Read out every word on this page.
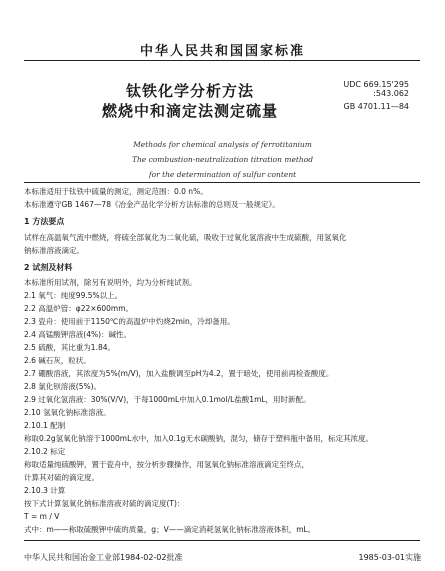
中华人民共和国国家标准
钛铁化学分析方法
燃烧中和滴定法测定硫量
UDC 669.15'295
:543.062
GB 4701.11—84
Methods for chemical analysis of ferrotitanium
The combustion-neutralization titration method
for the determination of sulfur content
本标准适用于钛铁中硫量的测定，测定范围：0.0 n%。
本标准遵守GB 1467—78《冶金产品化学分析方法标准的总则及一般规定》。
1 方法要点
试样在高温氧气流中燃烧，将硫全部氧化为二氧化硫，吸收于过氧化氢溶液中生成硫酸，用氢氧化
钠标准溶液滴定。
2 试剂及材料
本标准所用试剂，除另有说明外，均为分析纯试剂。
2.1 氧气：纯度99.5%以上。
2.2 高温炉管：φ22×600mm。
2.3 瓷舟：使用前于1150℃的高温炉中灼烧2min，冷却备用。
2.4 高锰酸钾溶液(4%)：碱性。
2.5 硫酸，其比重为1.84。
2.6 碱石灰，粒状。
2.7 硼酸溶液，其浓度为5%(m/V)，加入盐酸调至pH为4.2，置于暗处，使用前再检查酸度。
2.8 氯化钡溶液(5%)。
2.9 过氧化氢溶液：30%(V/V)，于每1000mL中加入0.1mol/L盐酸1mL，用时新配。
2.10 氢氧化钠标准溶液。
2.10.1 配制
称取0.2g氢氧化钠溶于1000mL水中，加入0.1g无水碳酸钠，混匀，储存于塑料瓶中备用，标定其浓度。
2.10.2 标定
称取适量纯硫酸钾，置于瓷舟中，按分析步骤操作，用氢氧化钠标准溶液滴定至终点，
计算其对硫的滴定度。
2.10.3 计算
按下式计算氢氧化钠标准溶液对硫的滴定度(T)：
T = m / V
式中：m——称取硫酸钾中硫的质量，g；V——滴定消耗氢氧化钠标准溶液体积，mL。
中华人民共和国冶金工业部1984-02-02批准	1985-03-01实施
